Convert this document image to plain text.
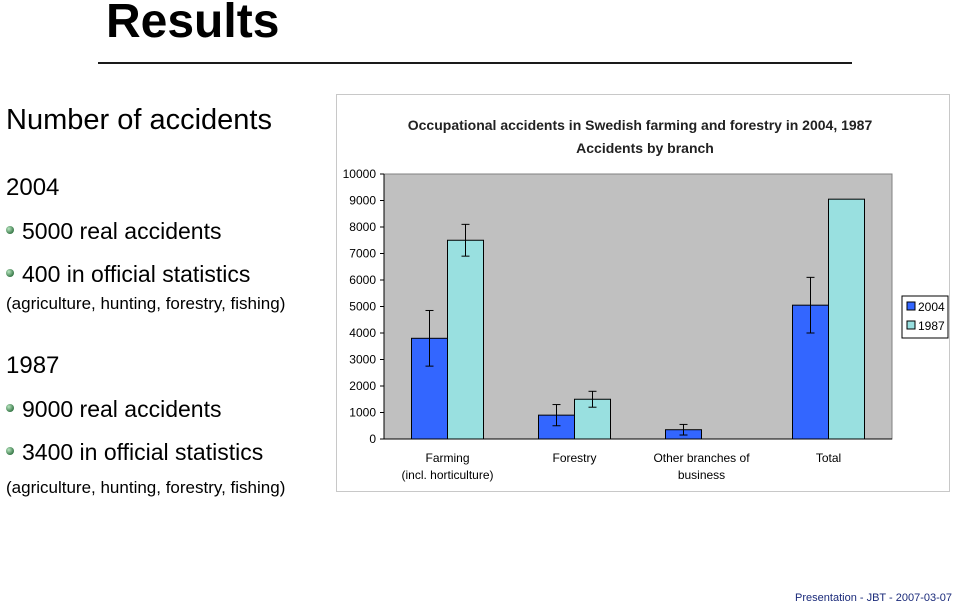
Results
Number of accidents
2004
5000 real accidents
400 in official statistics
(agriculture, hunting, forestry, fishing)
1987
9000 real accidents
3400 in official statistics
(agriculture, hunting, forestry, fishing)
Occupational accidents in Swedish farming and forestry in 2004, 1987
Accidents by branch
0
1000
2000
3000
4000
5000
6000
7000
8000
9000
10000
Farming
(incl. horticulture)
Forestry	Other branches of
business
Total
2004
1987
Presentation - JBT - 2007-03-07
